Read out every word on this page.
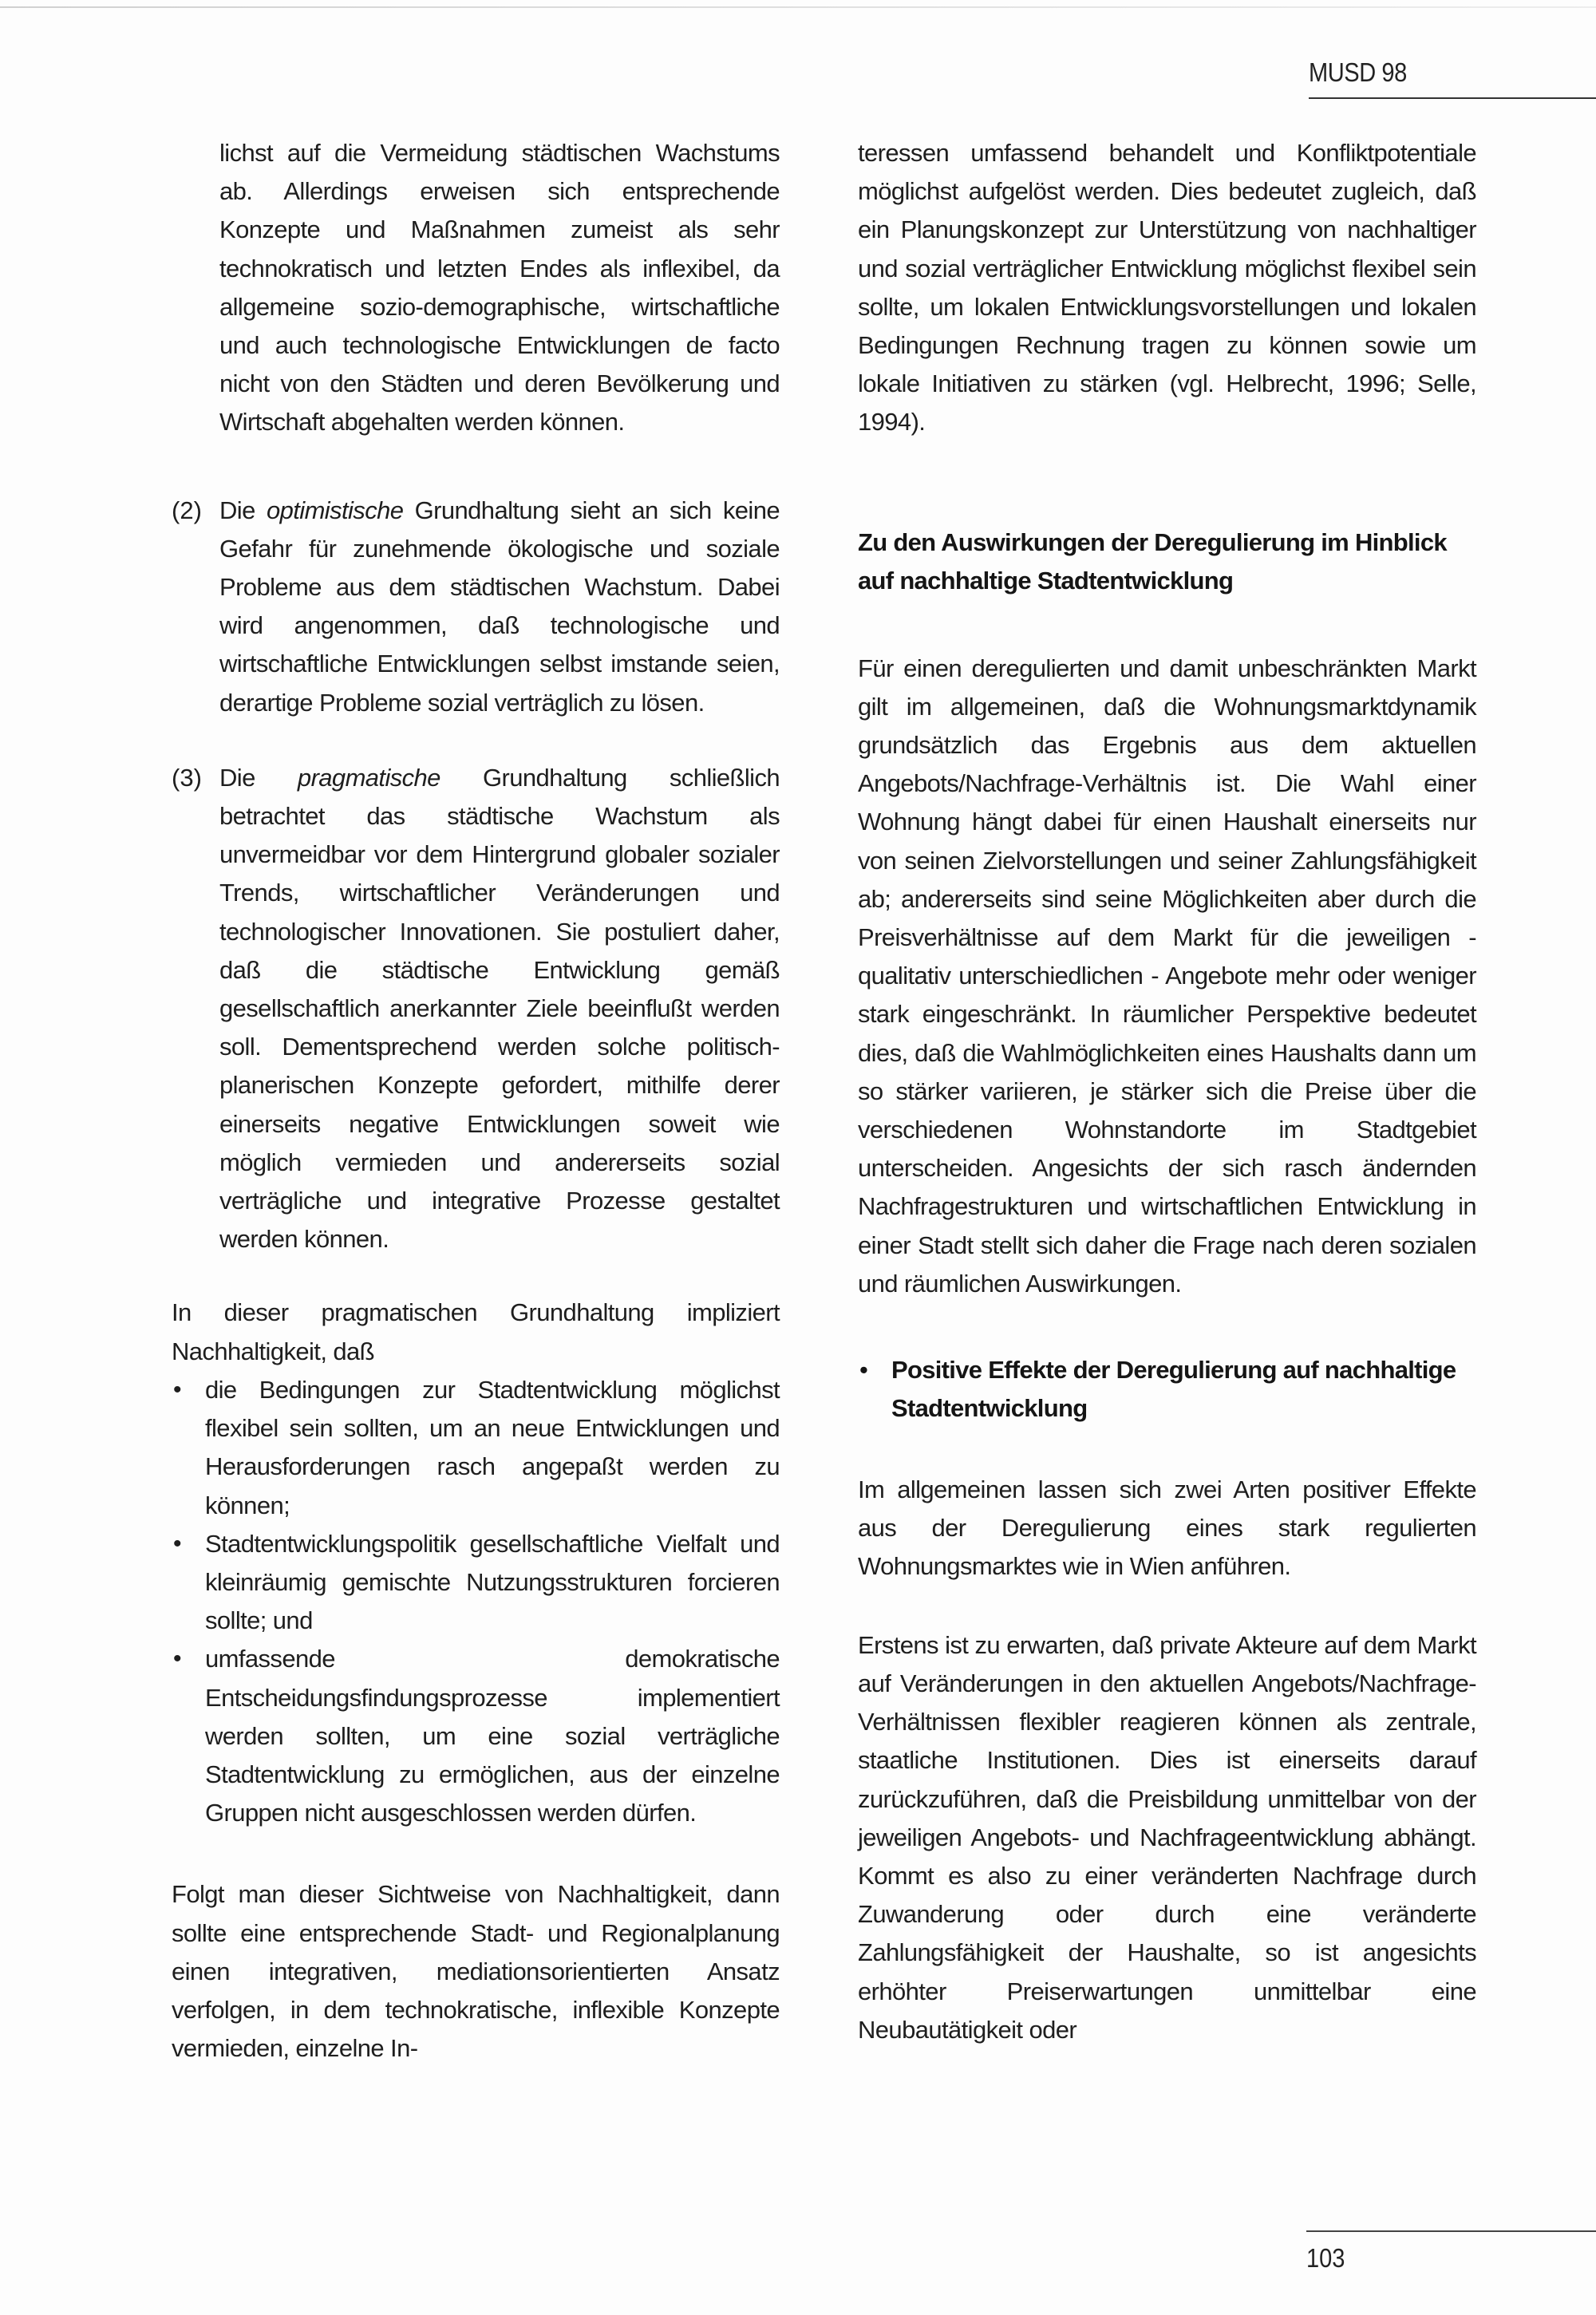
MUSD 98

lichst auf die Vermeidung städtischen Wachstums ab. Allerdings erweisen sich entsprechende Konzepte und Maßnahmen zumeist als sehr technokratisch und letzten Endes als inflexibel, da allgemeine sozio-demographische, wirtschaftliche und auch technologische Entwicklungen de facto nicht von den Städten und deren Bevölkerung und Wirtschaft abgehalten werden können.

(2) Die optimistische Grundhaltung sieht an sich keine Gefahr für zunehmende ökologische und soziale Probleme aus dem städtischen Wachstum. Dabei wird angenommen, daß technologische und wirtschaftliche Entwicklungen selbst imstande seien, derartige Probleme sozial verträglich zu lösen.

(3) Die pragmatische Grundhaltung schließlich betrachtet das städtische Wachstum als unvermeidbar vor dem Hintergrund globaler sozialer Trends, wirtschaftlicher Veränderungen und technologischer Innovationen. Sie postuliert daher, daß die städtische Entwicklung gemäß gesellschaftlich anerkannter Ziele beeinflußt werden soll. Dementsprechend werden solche politisch-planerischen Konzepte gefordert, mithilfe derer einerseits negative Entwicklungen soweit wie möglich vermieden und andererseits sozial verträgliche und integrative Prozesse gestaltet werden können.

In dieser pragmatischen Grundhaltung impliziert Nachhaltigkeit, daß

• die Bedingungen zur Stadtentwicklung möglichst flexibel sein sollten, um an neue Entwicklungen und Herausforderungen rasch angepaßt werden zu können;
• Stadtentwicklungspolitik gesellschaftliche Vielfalt und kleinräumig gemischte Nutzungsstrukturen forcieren sollte; und
• umfassende demokratische Entscheidungsfindungsprozesse implementiert werden sollten, um eine sozial verträgliche Stadtentwicklung zu ermöglichen, aus der einzelne Gruppen nicht ausgeschlossen werden dürfen.

Folgt man dieser Sichtweise von Nachhaltigkeit, dann sollte eine entsprechende Stadt- und Regionalplanung einen integrativen, mediationsorientierten Ansatz verfolgen, in dem technokratische, inflexible Konzepte vermieden, einzelne In-

teressen umfassend behandelt und Konfliktpotentiale möglichst aufgelöst werden. Dies bedeutet zugleich, daß ein Planungskonzept zur Unterstützung von nachhaltiger und sozial verträglicher Entwicklung möglichst flexibel sein sollte, um lokalen Entwicklungsvorstellungen und lokalen Bedingungen Rechnung tragen zu können sowie um lokale Initiativen zu stärken (vgl. Helbrecht, 1996; Selle, 1994).

Zu den Auswirkungen der Deregulierung im Hinblick auf nachhaltige Stadtentwicklung

Für einen deregulierten und damit unbeschränkten Markt gilt im allgemeinen, daß die Wohnungsmarktdynamik grundsätzlich das Ergebnis aus dem aktuellen Angebots/Nachfrage-Verhältnis ist. Die Wahl einer Wohnung hängt dabei für einen Haushalt einerseits nur von seinen Zielvorstellungen und seiner Zahlungsfähigkeit ab; andererseits sind seine Möglichkeiten aber durch die Preisverhältnisse auf dem Markt für die jeweiligen - qualitativ unterschiedlichen - Angebote mehr oder weniger stark eingeschränkt. In räumlicher Perspektive bedeutet dies, daß die Wahlmöglichkeiten eines Haushalts dann um so stärker variieren, je stärker sich die Preise über die verschiedenen Wohnstandorte im Stadtgebiet unterscheiden. Angesichts der sich rasch ändernden Nachfragestrukturen und wirtschaftlichen Entwicklung in einer Stadt stellt sich daher die Frage nach deren sozialen und räumlichen Auswirkungen.

• Positive Effekte der Deregulierung auf nachhaltige Stadtentwicklung

Im allgemeinen lassen sich zwei Arten positiver Effekte aus der Deregulierung eines stark regulierten Wohnungsmarktes wie in Wien anführen.

Erstens ist zu erwarten, daß private Akteure auf dem Markt auf Veränderungen in den aktuellen Angebots/Nachfrage-Verhältnissen flexibler reagieren können als zentrale, staatliche Institutionen. Dies ist einerseits darauf zurückzuführen, daß die Preisbildung unmittelbar von der jeweiligen Angebots- und Nachfrageentwicklung abhängt. Kommt es also zu einer veränderten Nachfrage durch Zuwanderung oder durch eine veränderte Zahlungsfähigkeit der Haushalte, so ist angesichts erhöhter Preiserwartungen unmittelbar eine Neubautätigkeit oder

103
